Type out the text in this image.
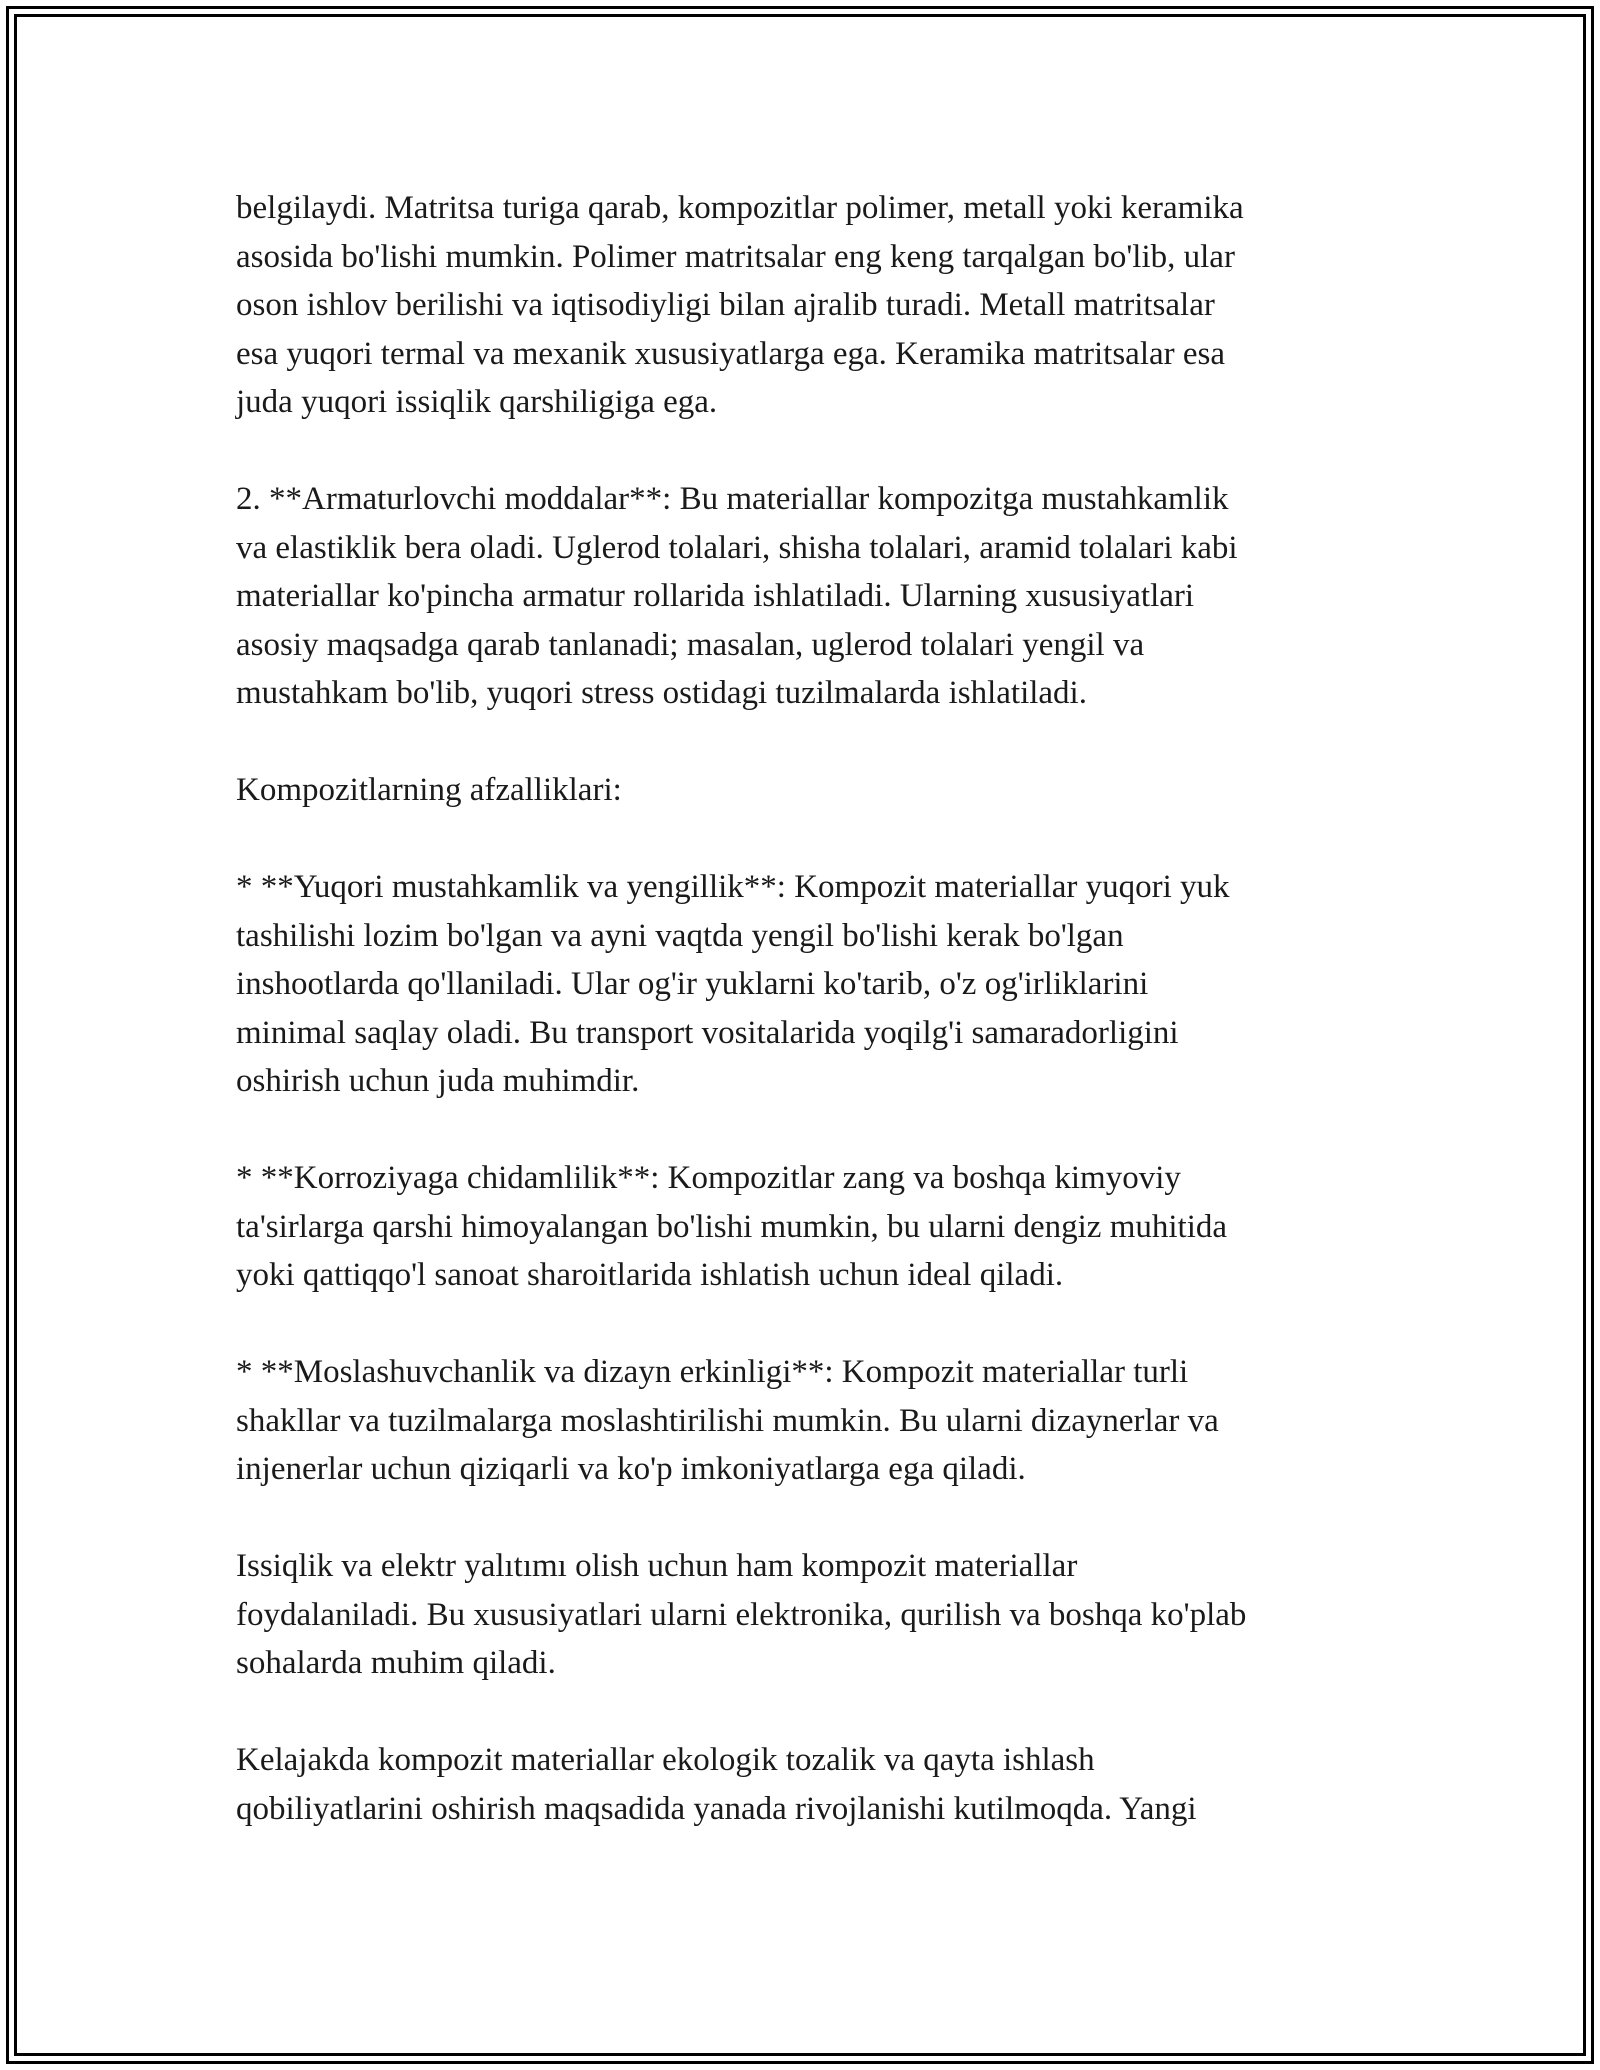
belgilaydi. Matritsa turiga qarab, kompozitlar polimer, metall yoki keramika
asosida bo'lishi mumkin. Polimer matritsalar eng keng tarqalgan bo'lib, ular
oson ishlov berilishi va iqtisodiyligi bilan ajralib turadi. Metall matritsalar
esa yuqori termal va mexanik xususiyatlarga ega. Keramika matritsalar esa
juda yuqori issiqlik qarshiligiga ega.

2. **Armaturlovchi moddalar**: Bu materiallar kompozitga mustahkamlik
va elastiklik bera oladi. Uglerod tolalari, shisha tolalari, aramid tolalari kabi
materiallar ko'pincha armatur rollarida ishlatiladi. Ularning xususiyatlari
asosiy maqsadga qarab tanlanadi; masalan, uglerod tolalari yengil va
mustahkam bo'lib, yuqori stress ostidagi tuzilmalarda ishlatiladi.

Kompozitlarning afzalliklari:

* **Yuqori mustahkamlik va yengillik**: Kompozit materiallar yuqori yuk
tashilishi lozim bo'lgan va ayni vaqtda yengil bo'lishi kerak bo'lgan
inshootlarda qo'llaniladi. Ular og'ir yuklarni ko'tarib, o'z og'irliklarini
minimal saqlay oladi. Bu transport vositalarida yoqilg'i samaradorligini
oshirish uchun juda muhimdir.

* **Korroziyaga chidamlilik**: Kompozitlar zang va boshqa kimyoviy
ta'sirlarga qarshi himoyalangan bo'lishi mumkin, bu ularni dengiz muhitida
yoki qattiqqo'l sanoat sharoitlarida ishlatish uchun ideal qiladi.

* **Moslashuvchanlik va dizayn erkinligi**: Kompozit materiallar turli
shakllar va tuzilmalarga moslashtirilishi mumkin. Bu ularni dizaynerlar va
injenerlar uchun qiziqarli va ko'p imkoniyatlarga ega qiladi.

Issiqlik va elektr yalıtımı olish uchun ham kompozit materiallar
foydalaniladi. Bu xususiyatlari ularni elektronika, qurilish va boshqa ko'plab
sohalarda muhim qiladi.

Kelajakda kompozit materiallar ekologik tozalik va qayta ishlash
qobiliyatlarini oshirish maqsadida yanada rivojlanishi kutilmoqda. Yangi
